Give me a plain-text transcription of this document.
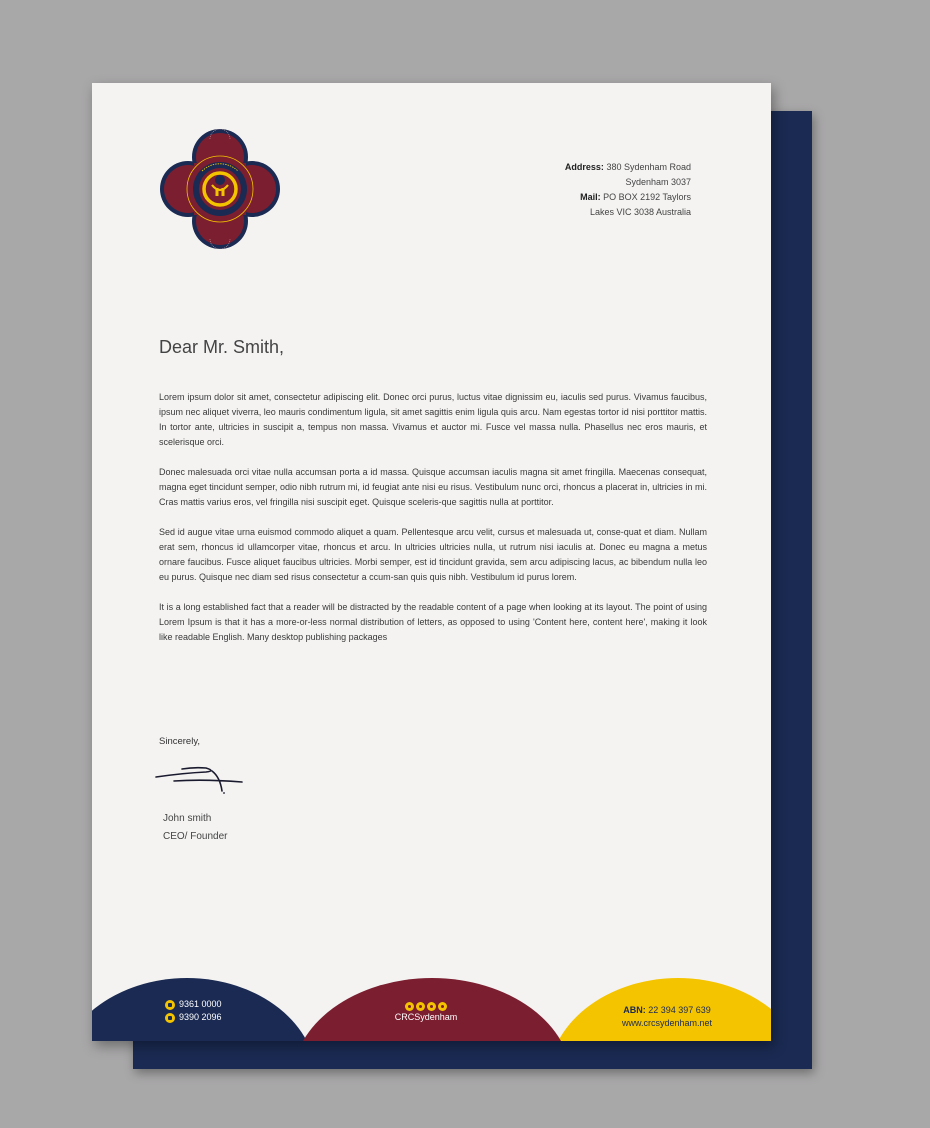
Address: 380 Sydenham Road
Sydenham 3037
Mail: PO BOX 2192 Taylors
Lakes VIC 3038 Australia
Dear Mr. Smith,

Lorem ipsum dolor sit amet, consectetur adipiscing elit. Donec orci purus, luctus vitae dignissim eu, iaculis sed purus. Vivamus faucibus, ipsum nec aliquet viverra, leo mauris condimentum ligula, sit amet sagittis enim ligula quis arcu. Nam egestas tortor id nisi porttitor mattis. In tortor ante, ultricies in suscipit a, tempus non massa. Vivamus et auctor mi. Fusce vel massa nulla. Phasellus nec eros mauris, et scelerisque orci.

Donec malesuada orci vitae nulla accumsan porta a id massa. Quisque accumsan iaculis magna sit amet fringilla. Maecenas consequat, magna eget tincidunt semper, odio nibh rutrum mi, id feugiat ante nisi eu risus. Vestibulum nunc orci, rhoncus a placerat in, ultricies in mi. Cras mattis varius eros, vel fringilla nisi suscipit eget. Quisque sceleris-que sagittis nulla at porttitor.

Sed id augue vitae urna euismod commodo aliquet a quam. Pellentesque arcu velit, cursus et malesuada ut, conse-quat et diam. Nullam erat sem, rhoncus id ullamcorper vitae, rhoncus et arcu. In ultricies ultricies nulla, ut rutrum nisi iaculis at. Donec eu magna a metus ornare faucibus. Fusce aliquet faucibus ultricies. Morbi semper, est id tincidunt gravida, sem arcu adipiscing lacus, ac bibendum nulla leo eu purus. Quisque nec diam sed risus consectetur a ccum-san quis quis nibh. Vestibulum id purus lorem.

It is a long established fact that a reader will be distracted by the readable content of a page when looking at its layout. The point of using Lorem Ipsum is that it has a more-or-less normal distribution of letters, as opposed to using 'Content here, content here', making it look like readable English. Many desktop publishing packages

Sincerely,
John smith
CEO/ Founder
9361 0000
9390 2096	CRCSydenham
ABN: 22 394 397 639
www.crcsydenham.net
